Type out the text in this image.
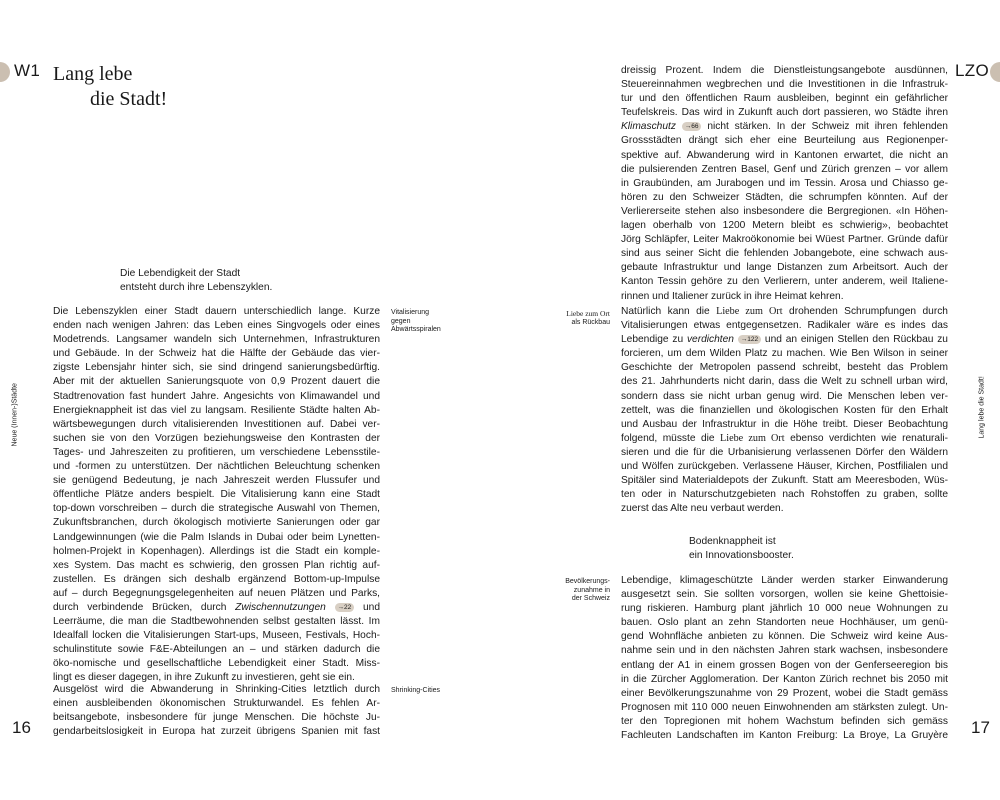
W1 Lang lebe
die Stadt!
Die Lebendigkeit der Stadt
entsteht durch ihre Lebenszyklen.
Neue (Innen-)Städte
Vitalisierung
gegen
Abwärtsspiralen
Shrinking-Cities

Die Lebenszyklen einer Stadt dauern unterschiedlich lange. Kurze

enden nach wenigen Jahren: das Leben eines Singvogels oder eines

Modetrends. Langsamer wandeln sich Unternehmen, Infrastrukturen

und Gebäude. In der Schweiz hat die Hälfte der Gebäude das vier-

zigste Lebensjahr hinter sich, sie sind dringend sanierungsbedürftig.

Aber mit der aktuellen Sanierungsquote von 0,9 Prozent dauert die

Stadtrenovation fast hundert Jahre. Angesichts von Klimawandel und

Energieknappheit ist das viel zu langsam. Resiliente Städte halten Ab-

wärtsbewegungen durch vitalisierenden Investitionen auf. Dabei ver-

suchen sie von den Vorzügen beziehungsweise den Kontrasten der

Tages- und Jahreszeiten zu profitieren, um verschiedene Lebensstile-

und -formen zu unterstützen. Der nächtlichen Beleuchtung schenken

sie genügend Bedeutung, je nach Jahreszeit werden Flussufer und

öffentliche Plätze anders bespielt. Die Vitalisierung kann eine Stadt

top-down vorschreiben – durch die strategische Auswahl von Themen,

Zukunftsbranchen, durch ökologisch motivierte Sanierungen oder gar

Landgewinnungen (wie die Palm Islands in Dubai oder beim Lynetten-

holmen-Projekt in Kopenhagen). Allerdings ist die Stadt ein komple-

xes System. Das macht es schwierig, den grossen Plan richtig auf-

zustellen. Es drängen sich deshalb ergänzend Bottom-up-Impulse

auf – durch Begegnungsgelegenheiten auf neuen Plätzen und Parks,

durch verbindende Brücken, durch Zwischennutzungen →22 und

Leerräume, die man die Stadtbewohnenden selbst gestalten lässt. Im

Idealfall locken die Vitalisierungen Start-ups, Museen, Festivals, Hoch-

schulinstitute sowie F&E-Abteilungen an – und stärken dadurch die

öko-nomische und gesellschaftliche Lebendigkeit einer Stadt. Miss-

lingt es dieser dagegen, in ihre Zukunft zu investieren, geht sie ein.

Ausgelöst wird die Abwanderung in Shrinking-Cities letztlich durch

einen ausbleibenden ökonomischen Strukturwandel. Es fehlen Ar-

beitsangebote, insbesondere für junge Menschen. Die höchste Ju-

gendarbeitslosigkeit in Europa hat zurzeit übrigens Spanien mit fast

16
LZO

dreissig Prozent. Indem die Dienstleistungsangebote ausdünnen,

Steuereinnahmen wegbrechen und die Investitionen in die Infrastruk-

tur und den öffentlichen Raum ausbleiben, beginnt ein gefährlicher

Teufelskreis. Das wird in Zukunft auch dort passieren, wo Städte ihren

Klimaschutz →66 nicht stärken. In der Schweiz mit ihren fehlenden

Grossstädten drängt sich eher eine Beurteilung aus Regionenper-

spektive auf. Abwanderung wird in Kantonen erwartet, die nicht an

die pulsierenden Zentren Basel, Genf und Zürich grenzen – vor allem

in Graubünden, am Jurabogen und im Tessin. Arosa und Chiasso ge-

hören zu den Schweizer Städten, die schrumpfen könnten. Auf der

Verliererseite stehen also insbesondere die Bergregionen. «In Höhen-

lagen oberhalb von 1200 Metern bleibt es schwierig», beobachtet

Jörg Schläpfer, Leiter Makroökonomie bei Wüest Partner. Gründe dafür

sind aus seiner Sicht die fehlenden Jobangebote, eine schwach aus-

gebaute Infrastruktur und lange Distanzen zum Arbeitsort. Auch der

Kanton Tessin gehöre zu den Verlierern, unter anderem, weil Italiene-

rinnen und Italiener zurück in ihre Heimat kehren.

Liebe zum Ort
als Rückbau

Natürlich kann die Liebe zum Ort drohenden Schrumpfungen durch

Vitalisierungen etwas entgegensetzen. Radikaler wäre es indes das

Lebendige zu verdichten →122 und an einigen Stellen den Rückbau zu

forcieren, um dem Wilden Platz zu machen. Wie Ben Wilson in seiner

Geschichte der Metropolen passend schreibt, besteht das Problem

des 21. Jahrhunderts nicht darin, dass die Welt zu schnell urban wird,

sondern dass sie nicht urban genug wird. Die Menschen leben ver-

zettelt, was die finanziellen und ökologischen Kosten für den Erhalt

und Ausbau der Infrastruktur in die Höhe treibt. Dieser Beobachtung

folgend, müsste die Liebe zum Ort ebenso verdichten wie renaturali-

sieren und die für die Urbanisierung verlassenen Dörfer den Wäldern

und Wölfen zurückgeben. Verlassene Häuser, Kirchen, Postfilialen und

Spitäler sind Materialdepots der Zukunft. Statt am Meeresboden, Wüs-

ten oder in Naturschutzgebieten nach Rohstoffen zu graben, sollte

zuerst das Alte neu verbaut werden.

Bodenknappheit ist
ein Innovationsbooster.
Bevölkerungs-
zunahme in
der Schweiz

Lebendige, klimageschützte Länder werden starker Einwanderung

ausgesetzt sein. Sie sollten vorsorgen, wollen sie keine Ghettoisie-

rung riskieren. Hamburg plant jährlich 10 000 neue Wohnungen zu

bauen. Oslo plant an zehn Standorten neue Hochhäuser, um genü-

gend Wohnfläche anbieten zu können. Die Schweiz wird keine Aus-

nahme sein und in den nächsten Jahren stark wachsen, insbesondere

entlang der A1 in einem grossen Bogen von der Genferseeregion bis

in die Zürcher Agglomeration. Der Kanton Zürich rechnet bis 2050 mit

einer Bevölkerungszunahme von 29 Prozent, wobei die Stadt gemäss

Prognosen mit 110 000 neuen Einwohnenden am stärksten zulegt. Un-

ter den Topregionen mit hohem Wachstum befinden sich gemäss

Fachleuten Landschaften im Kanton Freiburg: La Broye, La Gruyère

Lang lebe die Stadt!
17
